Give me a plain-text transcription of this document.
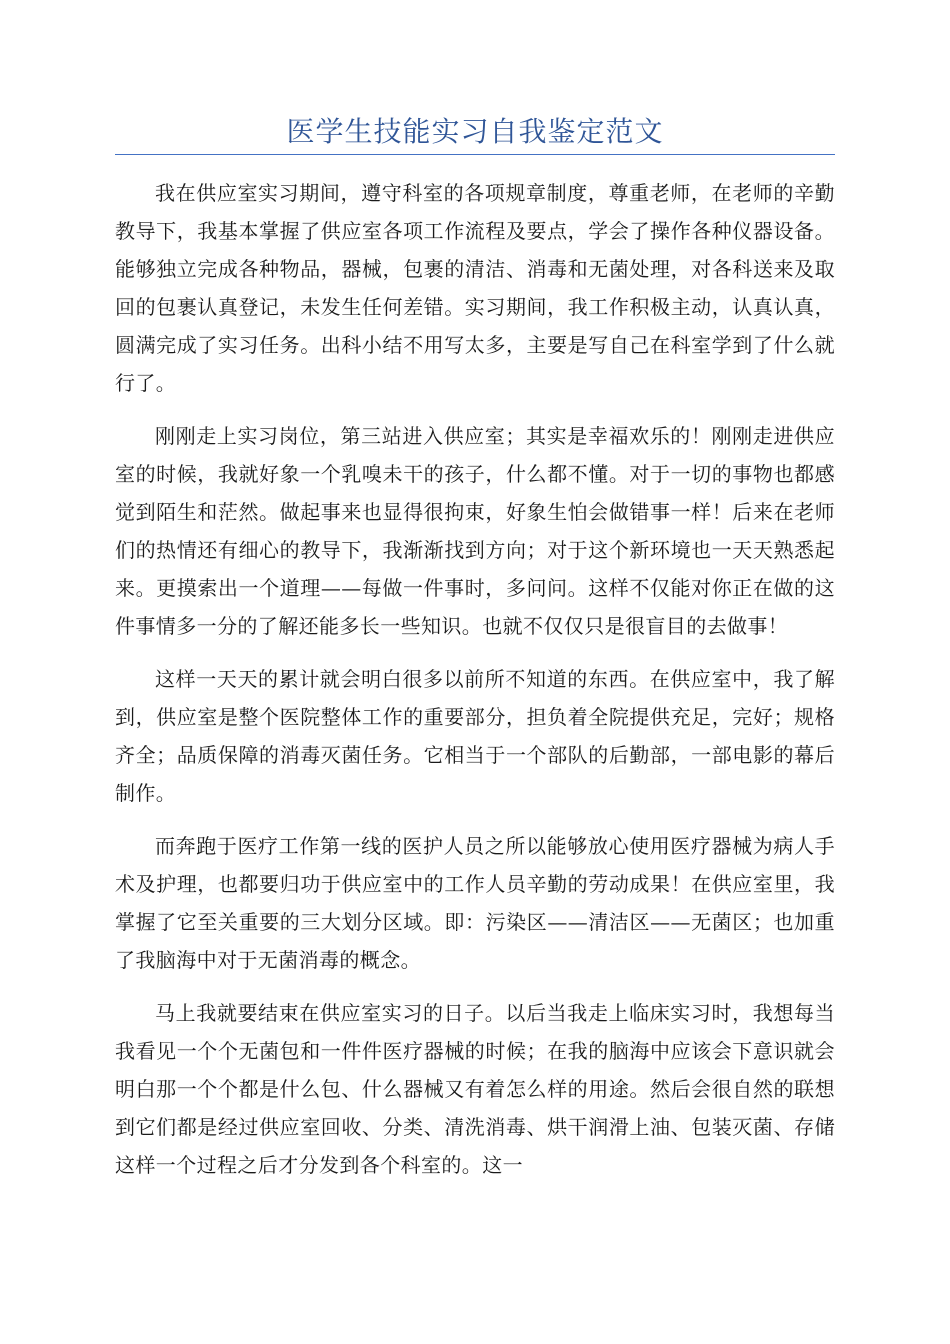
医学生技能实习自我鉴定范文

我在供应室实习期间，遵守科室的各项规章制度，尊重老师，在老师的辛勤教导下，我基本掌握了供应室各项工作流程及要点，学会了操作各种仪器设备。能够独立完成各种物品，器械，包裹的清洁、消毒和无菌处理，对各科送来及取回的包裹认真登记，未发生任何差错。实习期间，我工作积极主动，认真认真，圆满完成了实习任务。出科小结不用写太多，主要是写自己在科室学到了什么就行了。

刚刚走上实习岗位，第三站进入供应室；其实是幸福欢乐的！刚刚走进供应室的时候，我就好象一个乳嗅未干的孩子，什么都不懂。对于一切的事物也都感觉到陌生和茫然。做起事来也显得很拘束，好象生怕会做错事一样！后来在老师们的热情还有细心的教导下，我渐渐找到方向；对于这个新环境也一天天熟悉起来。更摸索出一个道理——每做一件事时，多问问。这样不仅能对你正在做的这件事情多一分的了解还能多长一些知识。也就不仅仅只是很盲目的去做事！

这样一天天的累计就会明白很多以前所不知道的东西。在供应室中，我了解到，供应室是整个医院整体工作的重要部分，担负着全院提供充足，完好；规格齐全；品质保障的消毒灭菌任务。它相当于一个部队的后勤部，一部电影的幕后制作。

而奔跑于医疗工作第一线的医护人员之所以能够放心使用医疗器械为病人手术及护理，也都要归功于供应室中的工作人员辛勤的劳动成果！在供应室里，我掌握了它至关重要的三大划分区域。即：污染区——清洁区——无菌区；也加重了我脑海中对于无菌消毒的概念。

马上我就要结束在供应室实习的日子。以后当我走上临床实习时，我想每当我看见一个个无菌包和一件件医疗器械的时候；在我的脑海中应该会下意识就会明白那一个个都是什么包、什么器械又有着怎么样的用途。然后会很自然的联想到它们都是经过供应室回收、分类、清洗消毒、烘干润滑上油、包装灭菌、存储这样一个过程之后才分发到各个科室的。这一
